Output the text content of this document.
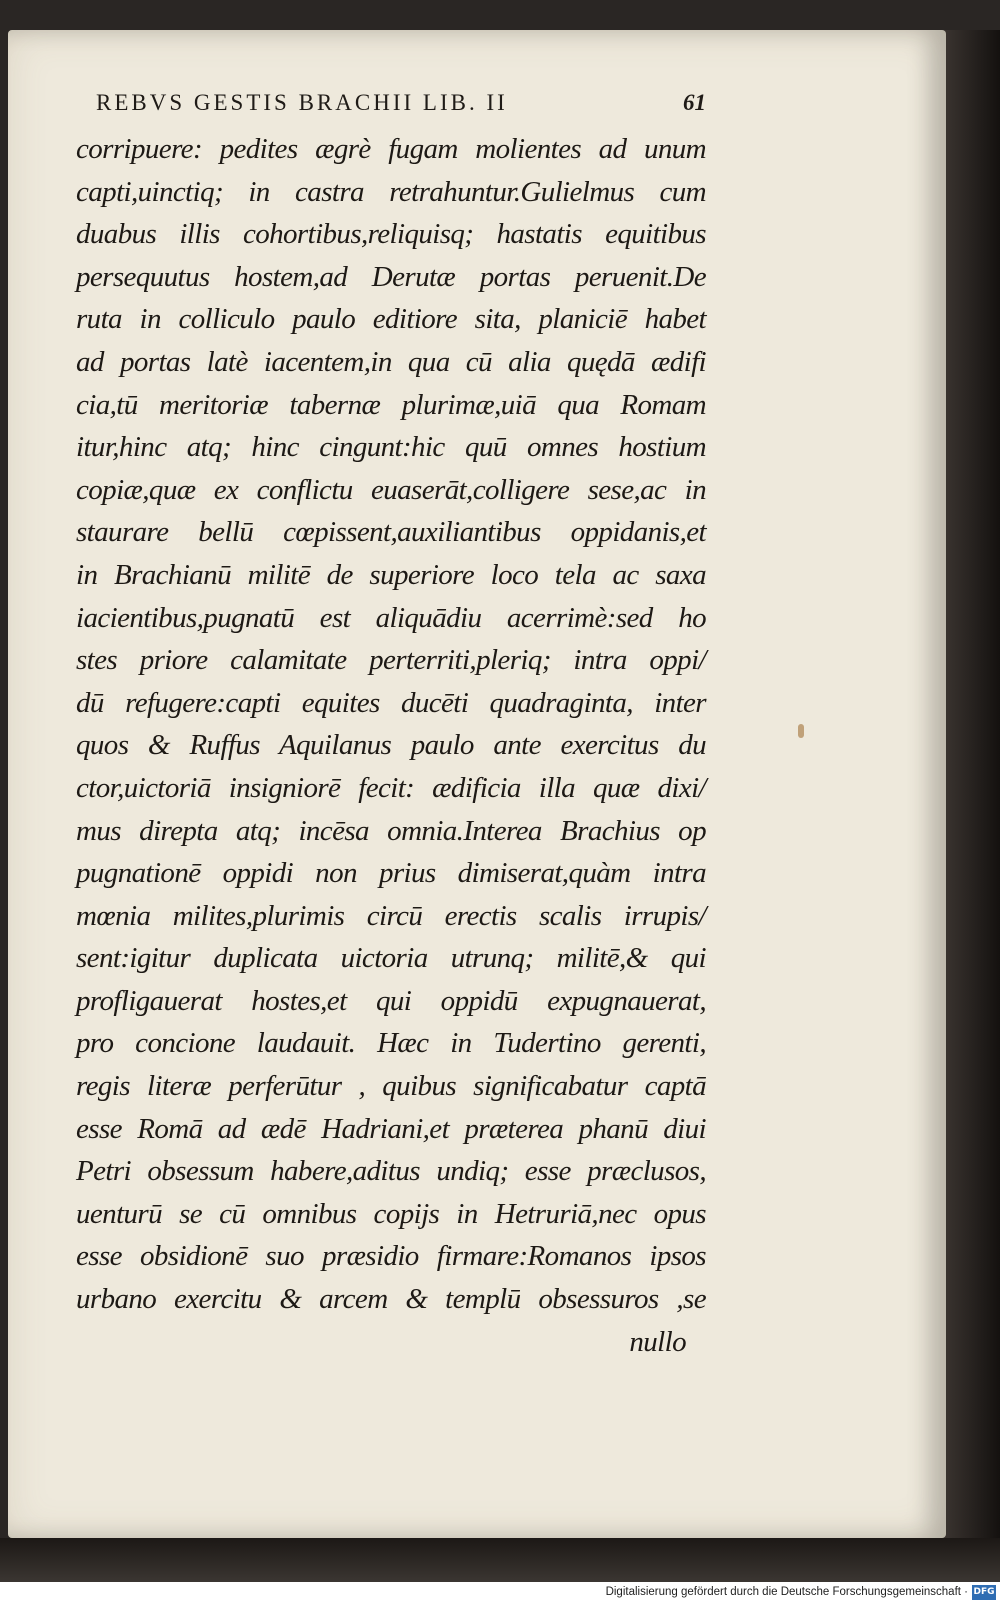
REBVS GESTIS BRACHII LIB. II	61
corripuere: pedites ægrè fugam molientes ad unum
capti,uinctiq; in castra retrahuntur.Gulielmus cum
duabus illis cohortibus,reliquisq; hastatis equitibus
persequutus hostem,ad Derutæ portas peruenit.De
ruta in colliculo paulo editiore sita, planiciē habet
ad portas latè iacentem,in qua cū alia quędā ædifi
cia,tū meritoriæ tabernæ plurimæ,uiā qua Romam
itur,hinc atq; hinc cingunt:hic quū omnes hostium
copiæ,quæ ex conflictu euaserāt,colligere sese,ac in
staurare bellū cœpissent,auxiliantibus oppidanis,et
in Brachianū militē de superiore loco tela ac saxa
iacientibus,pugnatū est aliquādiu acerrimè:sed ho
stes priore calamitate perterriti,pleriq; intra oppi/
dū refugere:capti equites ducēti quadraginta, inter
quos & Ruffus Aquilanus paulo ante exercitus du
ctor,uictoriā insigniorē fecit: ædificia illa quæ dixi/
mus direpta atq; incēsa omnia.Interea Brachius op
pugnationē oppidi non prius dimiserat,quàm intra
mœnia milites,plurimis circū erectis scalis irrupis/
sent:igitur duplicata uictoria utrunq; militē,& qui
profligauerat hostes,et qui oppidū expugnauerat,
pro concione laudauit. Hæc in Tudertino gerenti,
regis literæ perferūtur , quibus significabatur captā
esse Romā ad ædē Hadriani,et præterea phanū diui
Petri obsessum habere,aditus undiq; esse præclusos,
uenturū se cū omnibus copijs in Hetruriā,nec opus
esse obsidionē suo præsidio firmare:Romanos ipsos
urbano exercitu & arcem & templū obsessuros ,se
nullo
Digitalisierung gefördert durch die Deutsche Forschungsgemeinschaft · DFG
